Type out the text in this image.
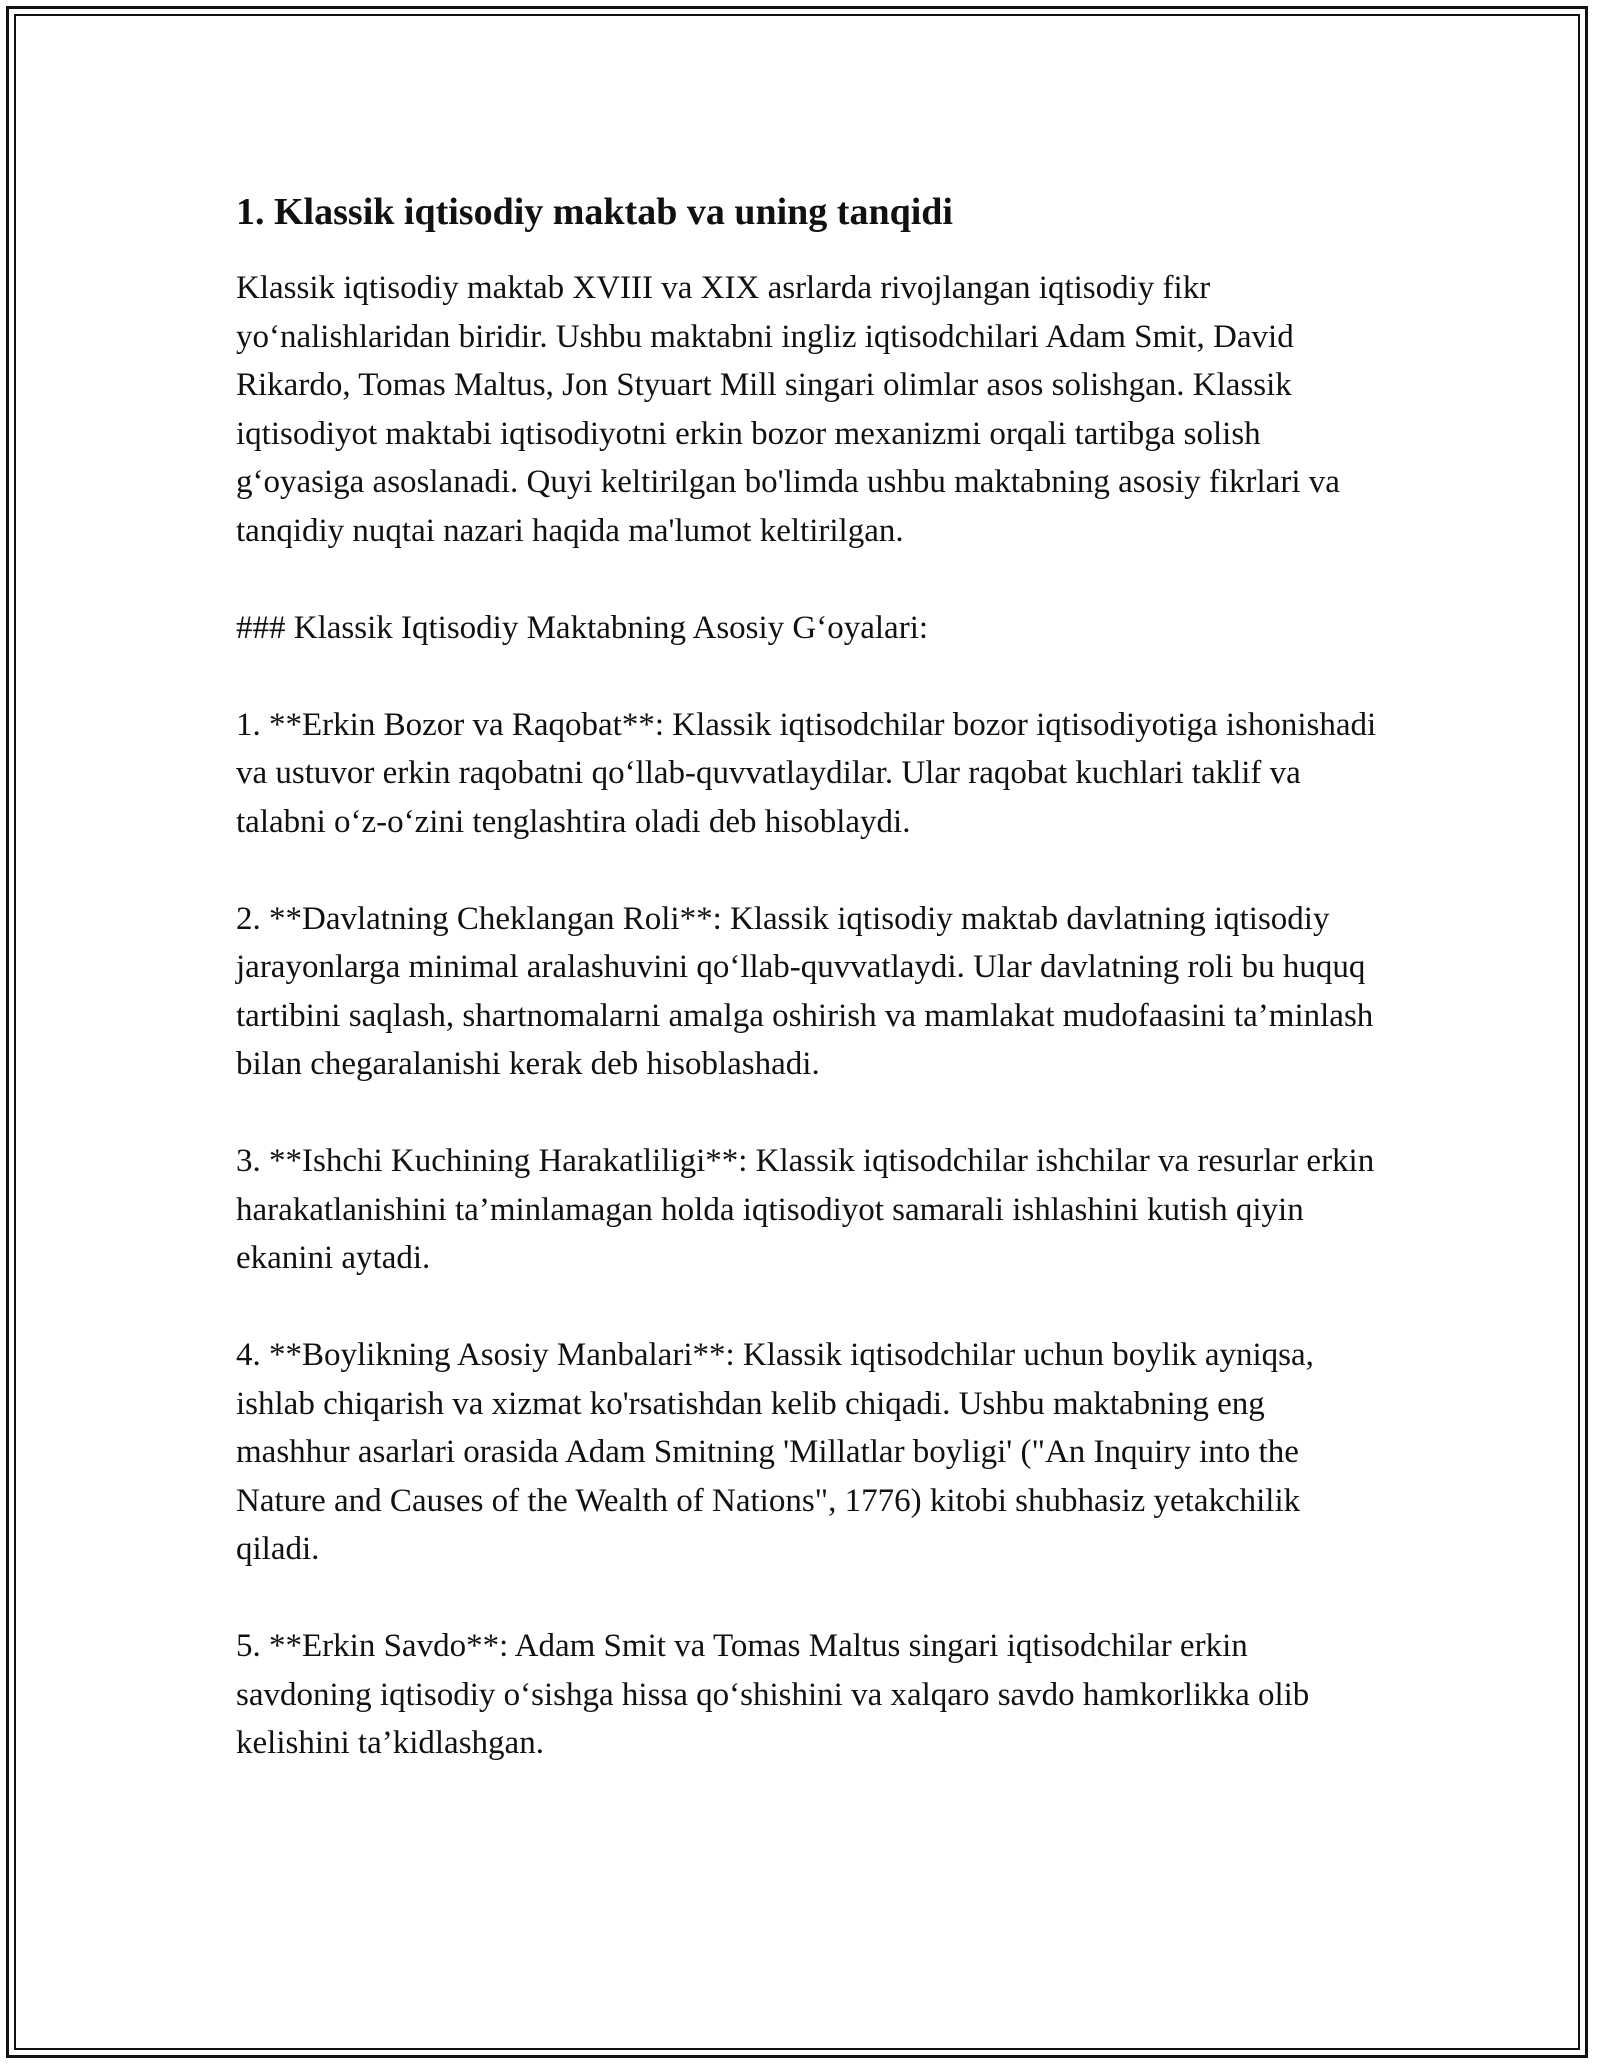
1. Klassik iqtisodiy maktab va uning tanqidi

Klassik iqtisodiy maktab XVIII va XIX asrlarda rivojlangan iqtisodiy fikr yo‘nalishlaridan biridir. Ushbu maktabni ingliz iqtisodchilari Adam Smit, David Rikardo, Tomas Maltus, Jon Styuart Mill singari olimlar asos solishgan. Klassik iqtisodiyot maktabi iqtisodiyotni erkin bozor mexanizmi orqali tartibga solish g‘oyasiga asoslanadi. Quyi keltirilgan bo'limda ushbu maktabning asosiy fikrlari va tanqidiy nuqtai nazari haqida ma'lumot keltirilgan.

### Klassik Iqtisodiy Maktabning Asosiy G‘oyalari:

1. **Erkin Bozor va Raqobat**: Klassik iqtisodchilar bozor iqtisodiyotiga ishonishadi va ustuvor erkin raqobatni qo‘llab-quvvatlaydilar. Ular raqobat kuchlari taklif va talabni o‘z-o‘zini tenglashtira oladi deb hisoblaydi.

2. **Davlatning Cheklangan Roli**: Klassik iqtisodiy maktab davlatning iqtisodiy jarayonlarga minimal aralashuvini qo‘llab-quvvatlaydi. Ular davlatning roli bu huquq tartibini saqlash, shartnomalarni amalga oshirish va mamlakat mudofaasini ta’minlash bilan chegaralanishi kerak deb hisoblashadi.

3. **Ishchi Kuchining Harakatliligi**: Klassik iqtisodchilar ishchilar va resurlar erkin harakatlanishini ta’minlamagan holda iqtisodiyot samarali ishlashini kutish qiyin ekanini aytadi.

4. **Boylikning Asosiy Manbalari**: Klassik iqtisodchilar uchun boylik ayniqsa, ishlab chiqarish va xizmat ko'rsatishdan kelib chiqadi. Ushbu maktabning eng mashhur asarlari orasida Adam Smitning 'Millatlar boyligi' ("An Inquiry into the Nature and Causes of the Wealth of Nations", 1776) kitobi shubhasiz yetakchilik qiladi.

5. **Erkin Savdo**: Adam Smit va Tomas Maltus singari iqtisodchilar erkin savdoning iqtisodiy o‘sishga hissa qo‘shishini va xalqaro savdo hamkorlikka olib kelishini ta’kidlashgan.
